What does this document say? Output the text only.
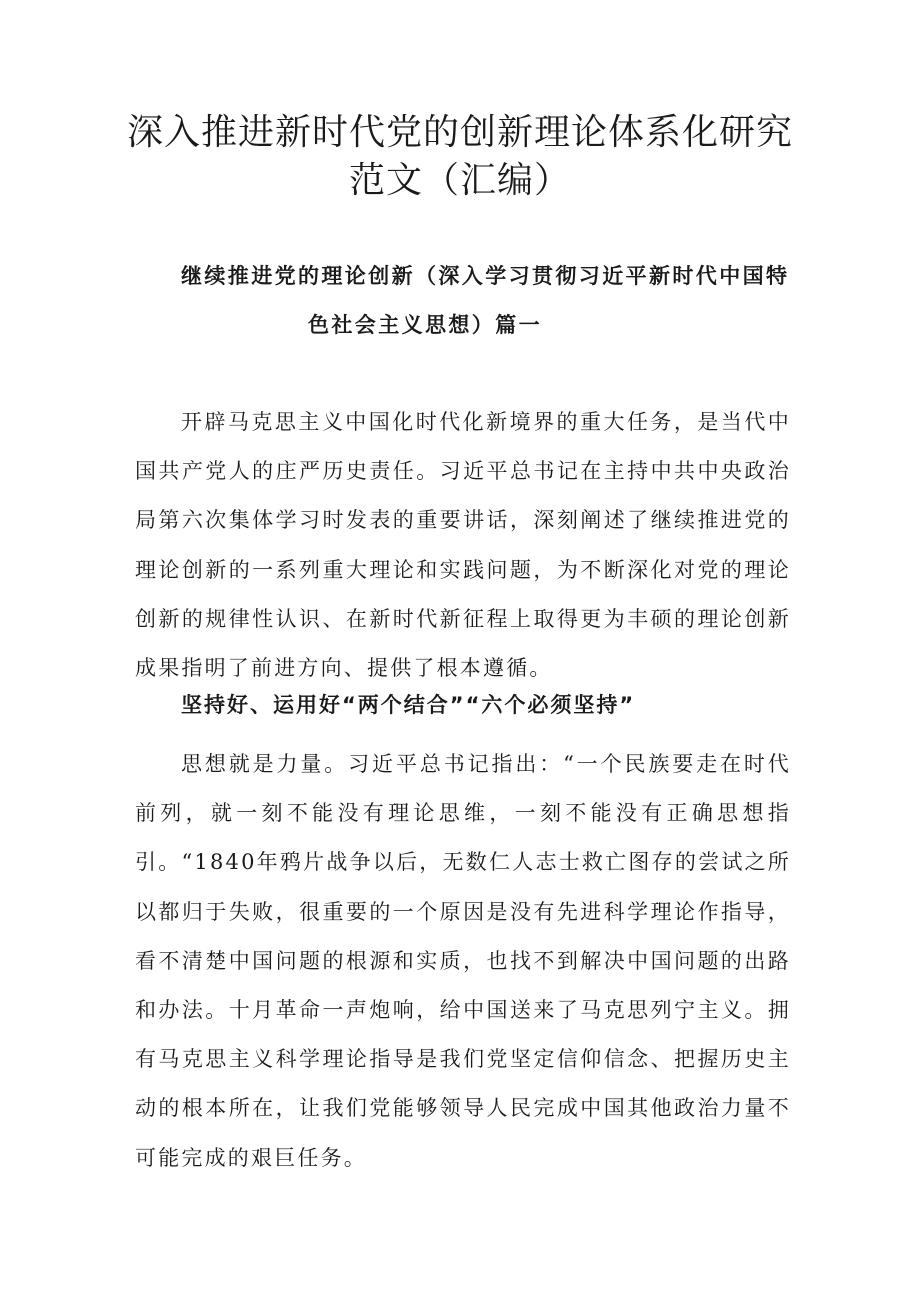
深入推进新时代党的创新理论体系化研究
范文（汇编）
继续推进党的理论创新（深入学习贯彻习近平新时代中国特
色社会主义思想）篇一

开辟马克思主义中国化时代化新境界的重大任务，是当代中国共产党人的庄严历史责任。习近平总书记在主持中共中央政治局第六次集体学习时发表的重要讲话，深刻阐述了继续推进党的理论创新的一系列重大理论和实践问题，为不断深化对党的理论创新的规律性认识、在新时代新征程上取得更为丰硕的理论创新成果指明了前进方向、提供了根本遵循。

坚持好、运用好“两个结合”“六个必须坚持”

思想就是力量。习近平总书记指出：“一个民族要走在时代前列，就一刻不能没有理论思维，一刻不能没有正确思想指引。“1840年鸦片战争以后，无数仁人志士救亡图存的尝试之所以都归于失败，很重要的一个原因是没有先进科学理论作指导，看不清楚中国问题的根源和实质，也找不到解决中国问题的出路和办法。十月革命一声炮响，给中国送来了马克思列宁主义。拥有马克思主义科学理论指导是我们党坚定信仰信念、把握历史主动的根本所在，让我们党能够领导人民完成中国其他政治力量不可能完成的艰巨任务。
